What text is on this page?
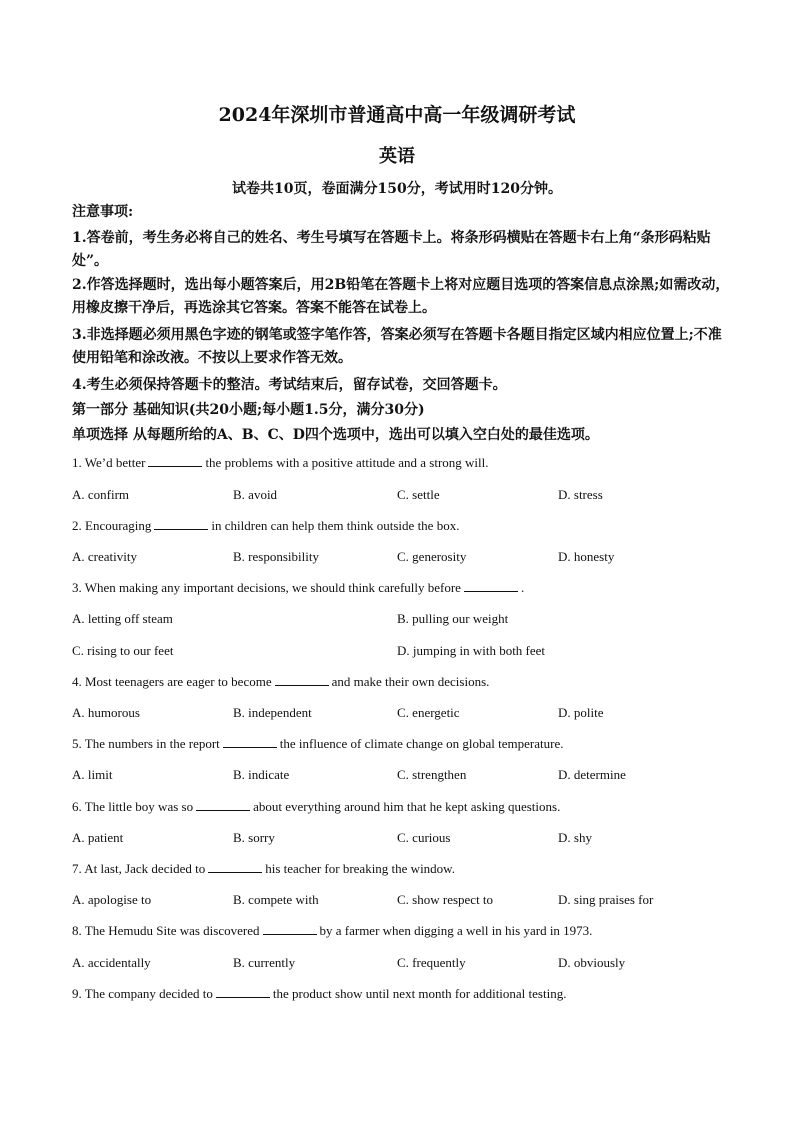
2024年深圳市普通高中高一年级调研考试
英语
试卷共10页，卷面满分150分，考试用时120分钟。
注意事项:
1.答卷前，考生务必将自己的姓名、考生号填写在答题卡上。将条形码横贴在答题卡右上角“条形码粘贴处”。
2.作答选择题时，选出每小题答案后，用2B铅笔在答题卡上将对应题目选项的答案信息点涂黑;如需改动，用橡皮擦干净后，再选涂其它答案。答案不能答在试卷上。
3.非选择题必须用黑色字迹的钢笔或签字笔作答，答案必须写在答题卡各题目指定区域内相应位置上;不准使用铅笔和涂改液。不按以上要求作答无效。
4.考生必须保持答题卡的整洁。考试结束后，留存试卷，交回答题卡。
第一部分 基础知识(共20小题;每小题1.5分，满分30分)
单项选择 从每题所给的A、B、C、D四个选项中，选出可以填入空白处的最佳选项。
1. We’d better	the problems with a positive attitude and a strong will.
A. confirm	B. avoid	C. settle	D. stress
2. Encouraging	in children can help them think outside the box.
A. creativity	B. responsibility	C. generosity	D. honesty
3. When making any important decisions, we should think carefully before	.
A. letting off steam	B. pulling our weight
C. rising to our feet	D. jumping in with both feet
4. Most teenagers are eager to become	and make their own decisions.
A. humorous	B. independent	C. energetic	D. polite
5. The numbers in the report	the influence of climate change on global temperature.
A. limit	B. indicate	C. strengthen	D. determine
6. The little boy was so	about everything around him that he kept asking questions.
A. patient	B. sorry	C. curious	D. shy
7. At last, Jack decided to	his teacher for breaking the window.
A. apologise to	B. compete with	C. show respect to	D. sing praises for
8. The Hemudu Site was discovered	by a farmer when digging a well in his yard in 1973.
A. accidentally	B. currently	C. frequently	D. obviously
9. The company decided to	the product show until next month for additional testing.
